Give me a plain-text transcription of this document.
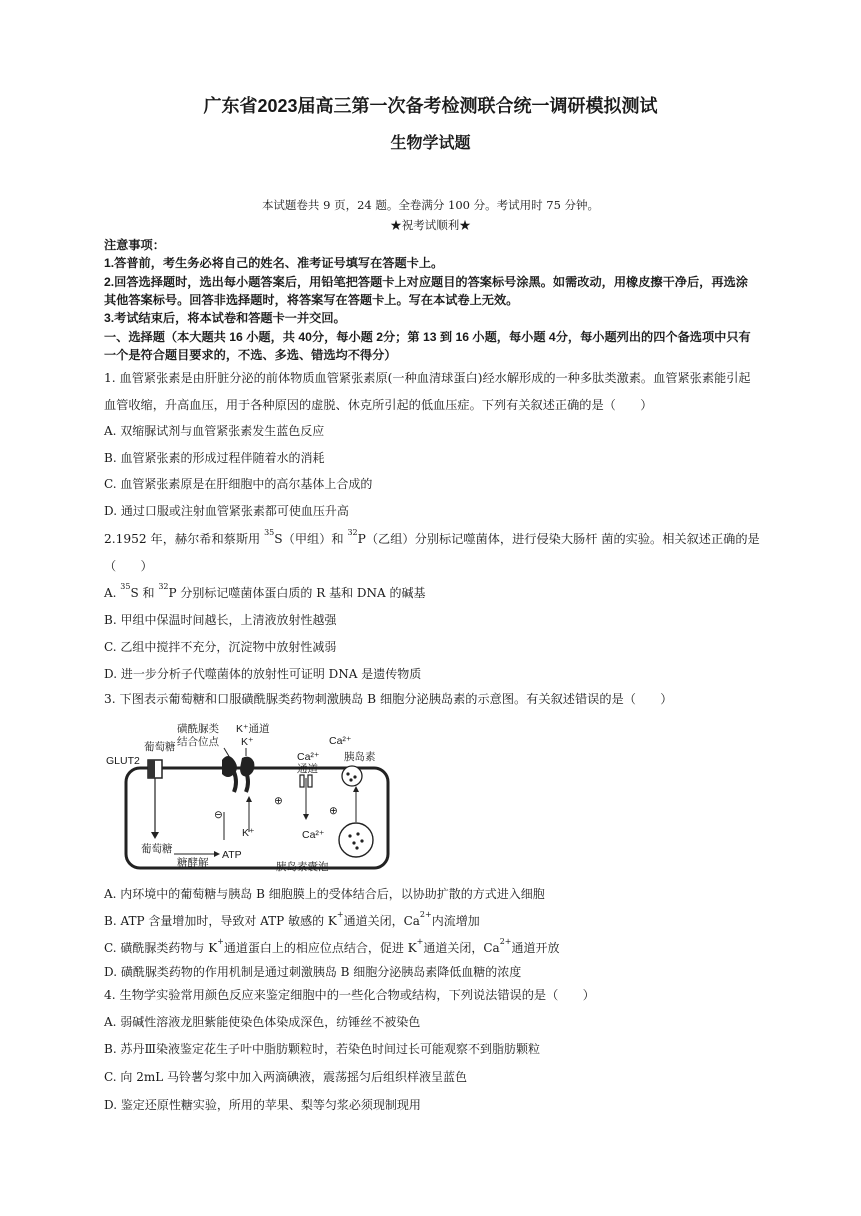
广东省2023届高三第一次备考检测联合统一调研模拟测试
生物学试题
本试题卷共 9 页，24 题。全卷满分 100 分。考试用时 75 分钟。
★祝考试顺利★
注意事项：
1.答普前，考生务必将自己的姓名、准考证号填写在答题卡上。
2.回答选择题时，选出每小题答案后，用铅笔把答题卡上对应题目的答案标号涂黑。如需改动，用橡皮擦干净后，再选涂
其他答案标号。回答非选择题时，将答案写在答题卡上。写在本试卷上无效。
3.考试结束后，将本试卷和答题卡一并交回。
一、选择题（本大题共 16 小题，共 40分，每小题 2分；第 13 到 16 小题，每小题 4分，每小题列出的四个备选项中只有
一个是符合题目要求的，不选、多选、错选均不得分）
1. 血管紧张素是由肝脏分泌的前体物质血管紧张素原(一种血清球蛋白)经水解形成的一种多肽类激素。血管紧张素能引起
血管收缩，升高血压，用于各种原因的虚脱、休克所引起的低血压症。下列有关叙述正确的是（　　）
A. 双缩脲试剂与血管紧张素发生蓝色反应
B. 血管紧张素的形成过程伴随着水的消耗
C. 血管紧张素原是在肝细胞中的高尔基体上合成的
D. 通过口服或注射血管紧张素都可使血压升高
2.1952 年，赫尔希和蔡斯用 $^{35}$S（甲组）和 $^{32}$P（乙组）分别标记噬菌体，进行侵染大肠杆 菌的实验。相关叙述正确的是
（　　）
A. $^{35}$S 和 $^{32}$P 分别标记噬菌体蛋白质的 R 基和 DNA 的碱基
B. 甲组中保温时间越长，上清液放射性越强
C. 乙组中搅拌不充分，沉淀物中放射性减弱
D. 进一步分析子代噬菌体的放射性可证明 DNA 是遗传物质
3. 下图表示葡萄糖和口服磺酰脲类药物刺激胰岛 B 细胞分泌胰岛素的示意图。有关叙述错误的是（　　）
GLUT2
葡萄糖
磺酰脲类
结合位点
K⁺通道
K⁺	Ca²⁺
Ca²⁺
通道
胰岛素
⊖
⊕
⊕
Ca²⁺
K⁺
葡萄糖
糖酵解
ATP
胰岛素囊泡
A. 内环境中的葡萄糖与胰岛 B 细胞膜上的受体结合后，以协助扩散的方式进入细胞
B. ATP 含量增加时，导致对 ATP 敏感的 K+通道关闭，$Ca^{2+}$内流增加
C. 磺酰脲类药物与 K+通道蛋白上的相应位点结合，促进 K+通道关闭，$Ca^{2+}$通道开放
D. 磺酰脲类药物的作用机制是通过刺激胰岛 B 细胞分泌胰岛素降低血糖的浓度
4. 生物学实验常用颜色反应来鉴定细胞中的一些化合物或结构，下列说法错误的是（　　）
A. 弱碱性溶液龙胆紫能使染色体染成深色，纺锤丝不被染色
B. 苏丹Ⅲ染液鉴定花生子叶中脂肪颗粒时，若染色时间过长可能观察不到脂肪颗粒
C. 向 2mL 马铃薯匀浆中加入两滴碘液，震荡摇匀后组织样液呈蓝色
D. 鉴定还原性糖实验，所用的苹果、梨等匀浆必须现制现用
